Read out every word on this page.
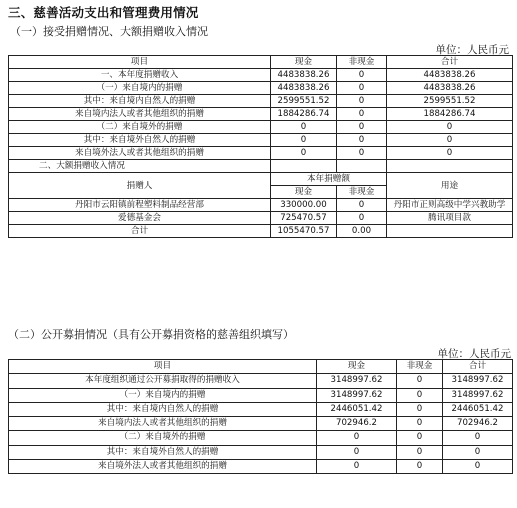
三、慈善活动支出和管理费用情况
（一）接受捐赠情况、大额捐赠收入情况
单位：人民币元
项目	现金	非现金	合计
一、本年度捐赠收入	4483838.26	0	4483838.26
（一）来自境内的捐赠	4483838.26	0	4483838.26
其中：来自境内自然人的捐赠	2599551.52	0	2599551.52
来自境内法人或者其他组织的捐赠	1884286.74	0	1884286.74
（二）来自境外的捐赠	0	0	0
其中：来自境外自然人的捐赠	0	0	0
来自境外法人或者其他组织的捐赠	0	0	0
二、大额捐赠收入情况			
捐赠人	本年捐赠额		用途
	现金	非现金	
丹阳市云阳镇前程塑料制品经营部	330000.00	0	丹阳市正则高级中学兴教助学
爱德基金会	725470.57	0	腾讯项目款
合计	1055470.57	0.00	
（二）公开募捐情况（具有公开募捐资格的慈善组织填写）
单位：人民币元
项目	现金	非现金	合计
本年度组织通过公开募捐取得的捐赠收入	3148997.62	0	3148997.62
（一）来自境内的捐赠	3148997.62	0	3148997.62
其中：来自境内自然人的捐赠	2446051.42	0	2446051.42
来自境内法人或者其他组织的捐赠	702946.2	0	702946.2
（二）来自境外的捐赠	0	0	0
其中：来自境外自然人的捐赠	0	0	0
来自境外法人或者其他组织的捐赠	0	0	0
